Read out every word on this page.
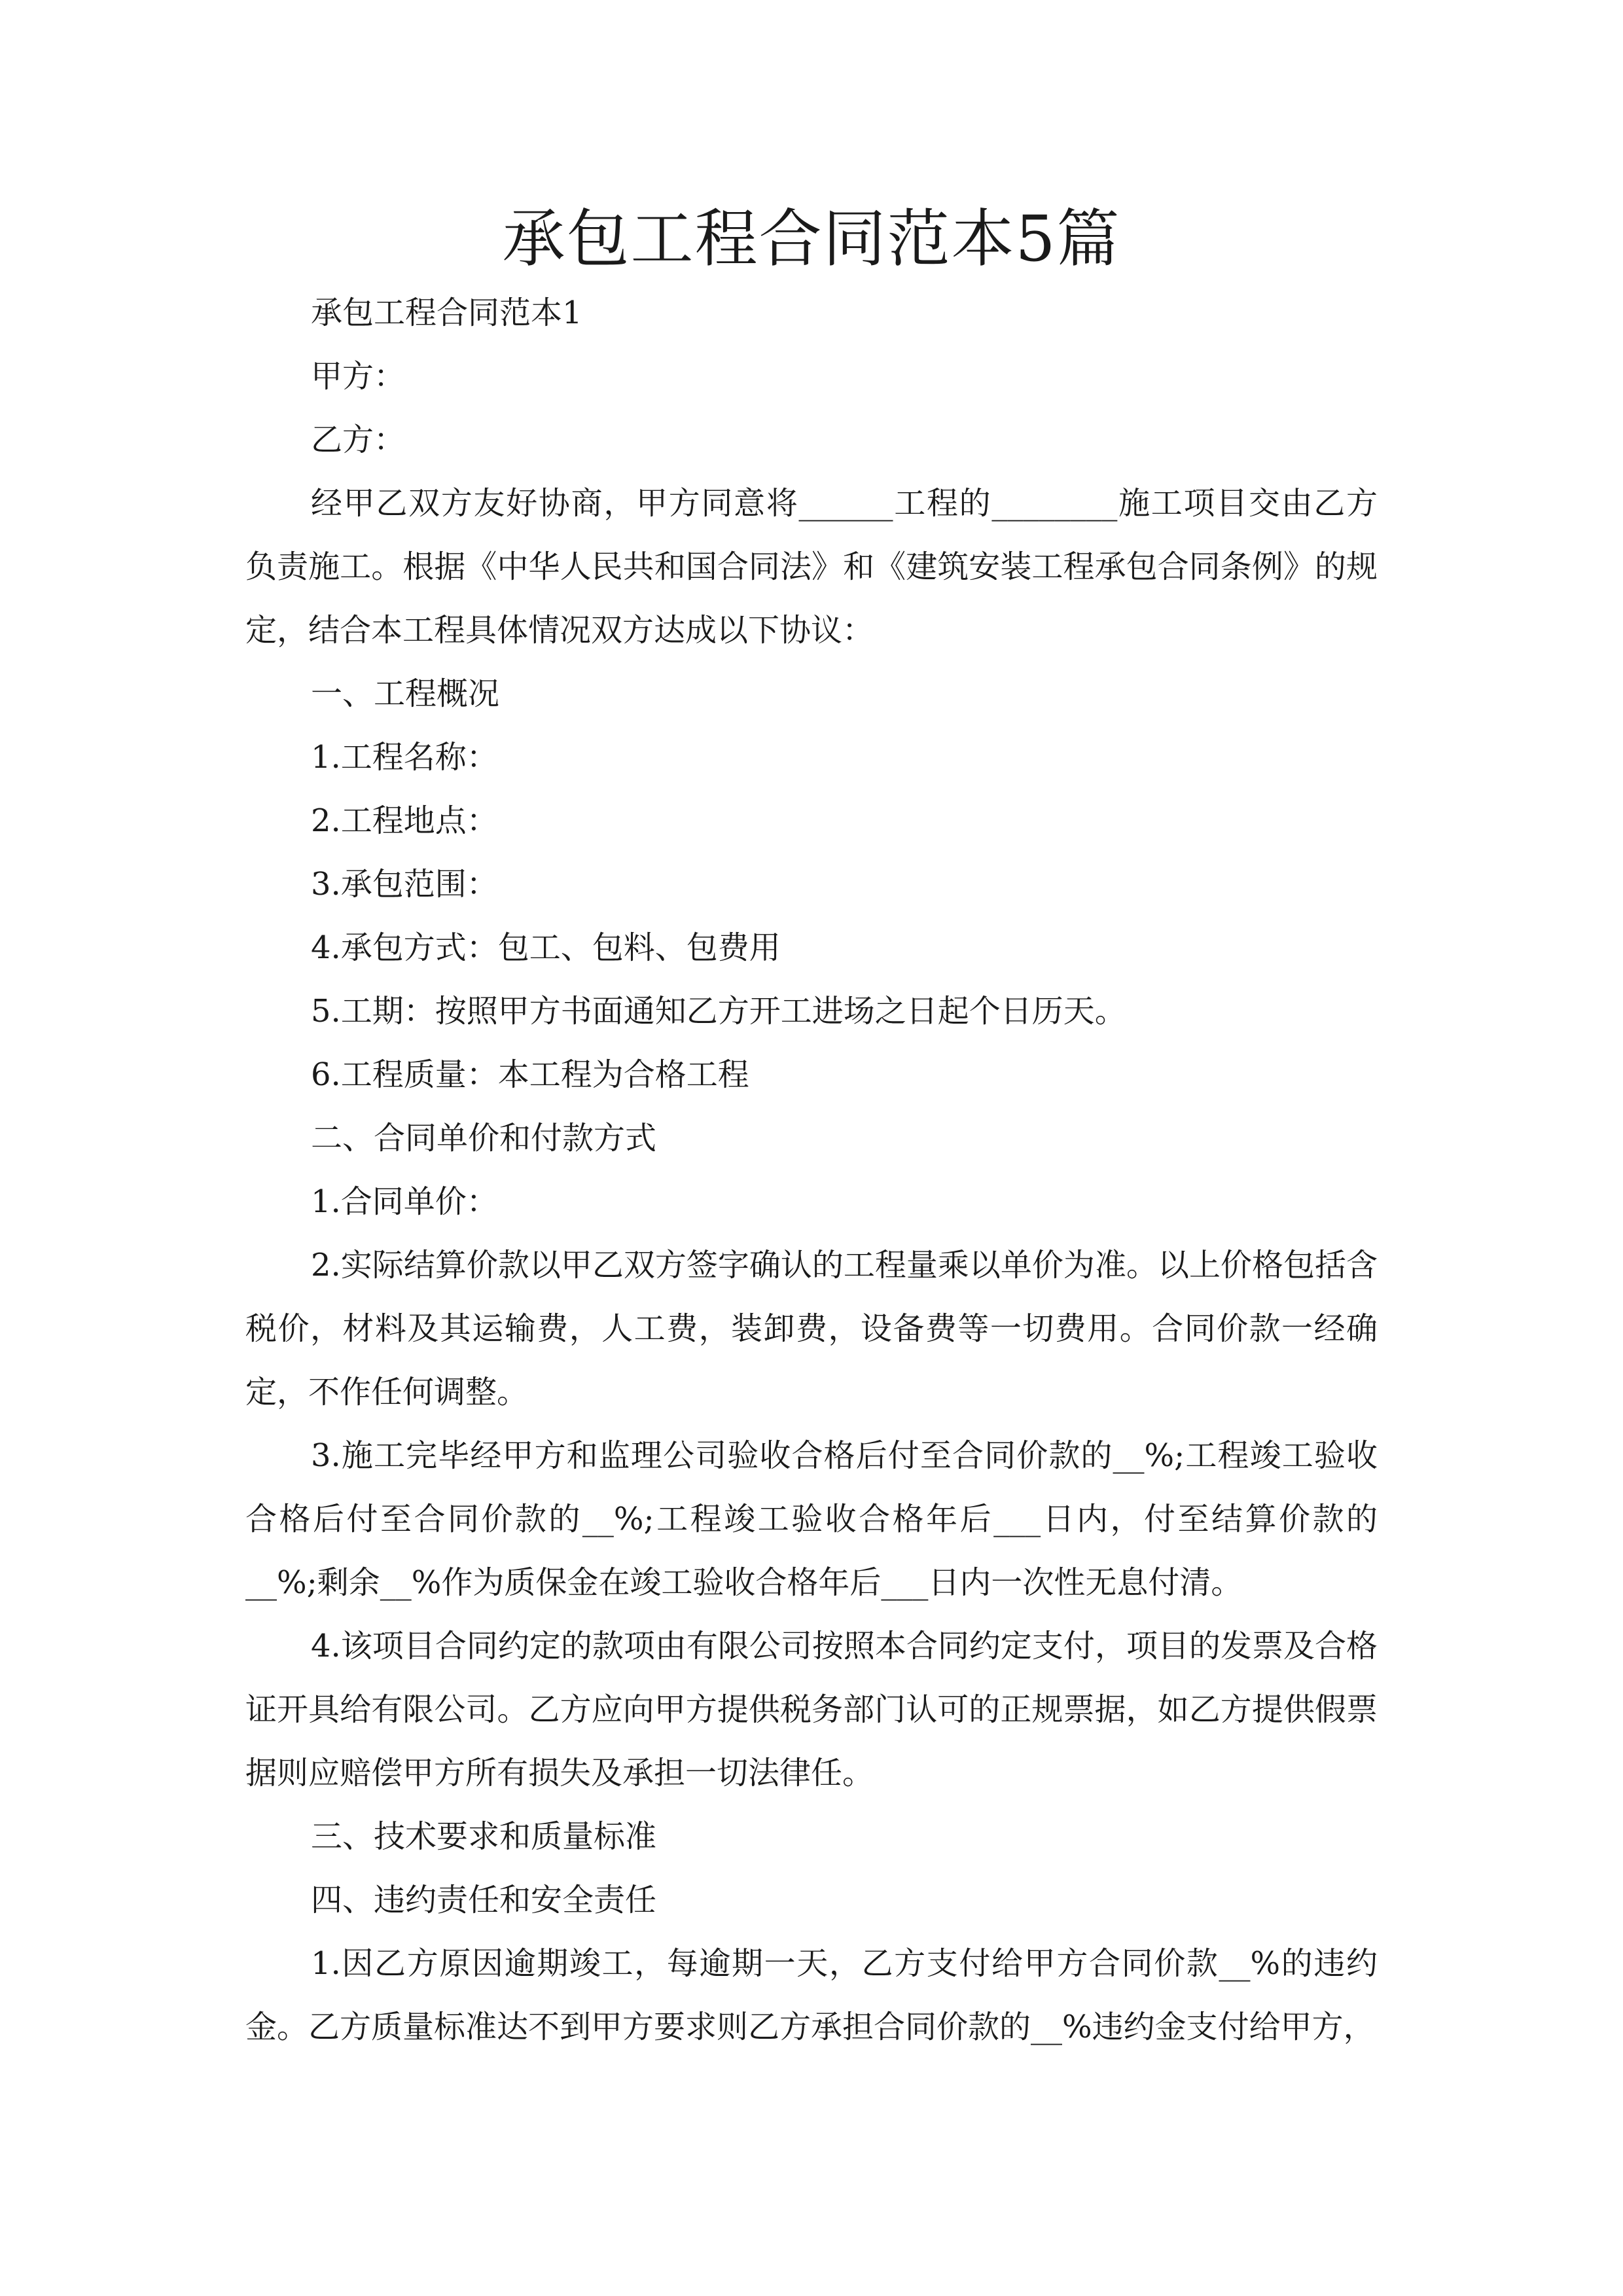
承包工程合同范本5篇

承包工程合同范本1

甲方：

乙方：

经甲乙双方友好协商，甲方同意将______工程的________施工项目交由乙方负责施工。根据《中华人民共和国合同法》和《建筑安装工程承包合同条例》的规定，结合本工程具体情况双方达成以下协议：

一、工程概况

1.工程名称：

2.工程地点：

3.承包范围：

4.承包方式：包工、包料、包费用

5.工期：按照甲方书面通知乙方开工进场之日起个日历天。

6.工程质量：本工程为合格工程

二、合同单价和付款方式

1.合同单价：

2.实际结算价款以甲乙双方签字确认的工程量乘以单价为准。以上价格包括含税价，材料及其运输费，人工费，装卸费，设备费等一切费用。合同价款一经确定，不作任何调整。

3.施工完毕经甲方和监理公司验收合格后付至合同价款的__%;工程竣工验收合格后付至合同价款的__%;工程竣工验收合格年后___日内，付至结算价款的__%;剩余__%作为质保金在竣工验收合格年后___日内一次性无息付清。

4.该项目合同约定的款项由有限公司按照本合同约定支付，项目的发票及合格证开具给有限公司。乙方应向甲方提供税务部门认可的正规票据，如乙方提供假票据则应赔偿甲方所有损失及承担一切法律任。

三、技术要求和质量标准

四、违约责任和安全责任

1.因乙方原因逾期竣工，每逾期一天，乙方支付给甲方合同价款__%的违约金。乙方质量标准达不到甲方要求则乙方承担合同价款的__%违约金支付给甲方，
